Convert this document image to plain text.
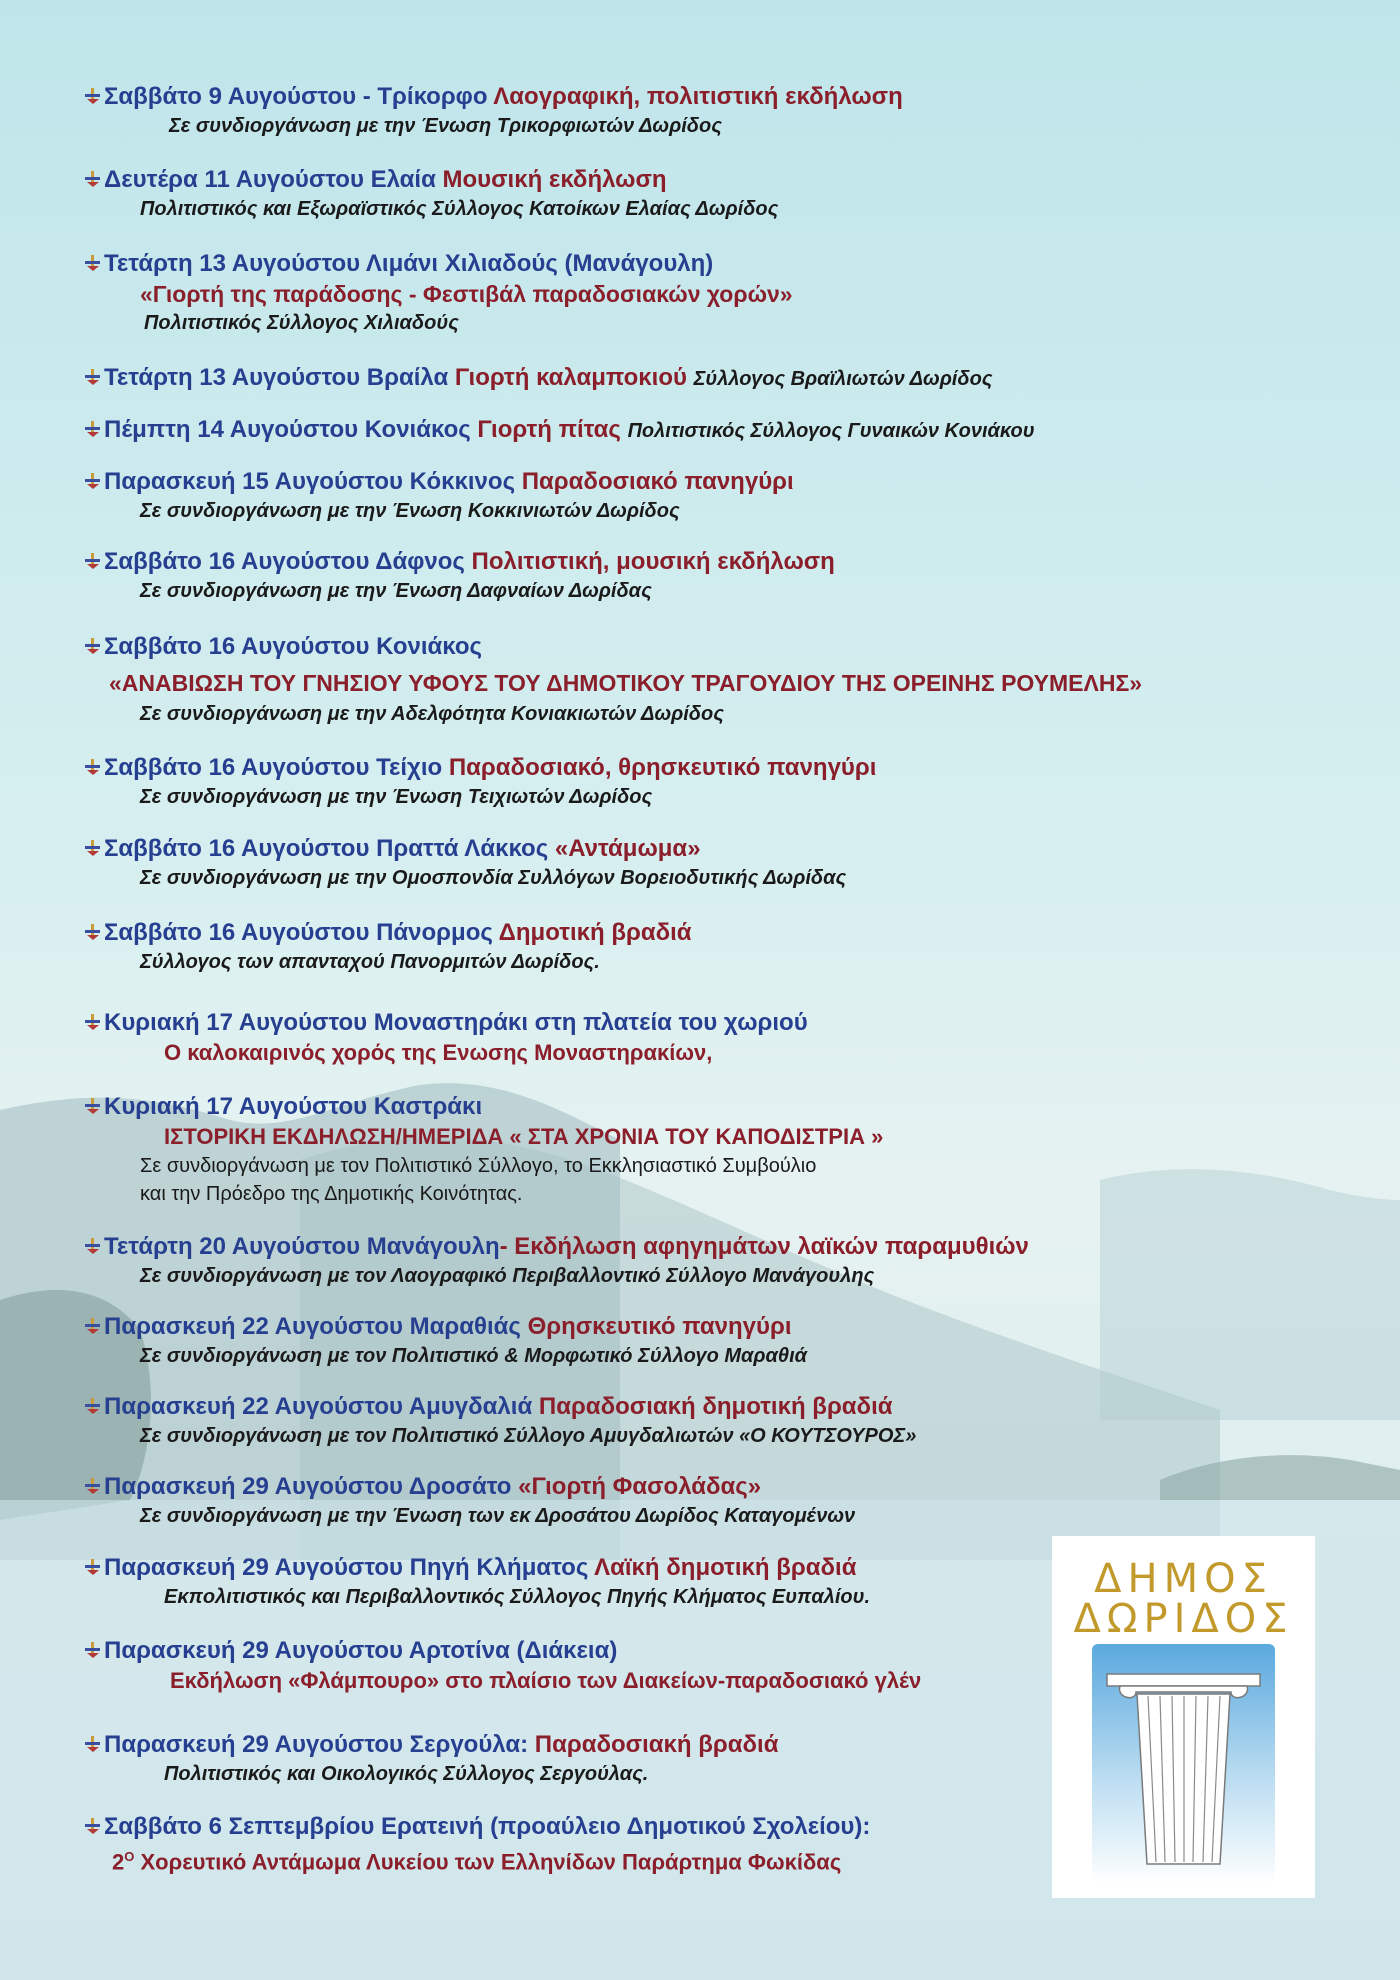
Σαββάτο 9 Αυγούστου - Τρίκορφο Λαογραφική, πολιτιστική εκδήλωση
Σε συνδιοργάνωση με την Ένωση Τρικορφιωτών Δωρίδος
Δευτέρα 11 Αυγούστου Ελαία Μουσική εκδήλωση
Πολιτιστικός και Εξωραϊστικός Σύλλογος Κατοίκων Ελαίας Δωρίδος
Τετάρτη 13 Αυγούστου Λιμάνι Χιλιαδούς (Μανάγουλη)
«Γιορτή της παράδοσης - Φεστιβάλ παραδοσιακών χορών»
Πολιτιστικός Σύλλογος Χιλιαδούς
Τετάρτη 13 Αυγούστου Βραίλα Γιορτή καλαμποκιού Σύλλογος Βραϊλιωτών Δωρίδος
Πέμπτη 14 Αυγούστου Κονιάκος Γιορτή πίτας Πολιτιστικός Σύλλογος Γυναικών Κονιάκου
Παρασκευή 15 Αυγούστου Κόκκινος Παραδοσιακό πανηγύρι
Σε συνδιοργάνωση με την Ένωση Κοκκινιωτών Δωρίδος
Σαββάτο 16 Αυγούστου Δάφνος Πολιτιστική, μουσική εκδήλωση
Σε συνδιοργάνωση με την Ένωση Δαφναίων Δωρίδας
Σαββάτο 16 Αυγούστου Κονιάκος
«ΑΝΑΒΙΩΣΗ ΤΟΥ ΓΝΗΣΙΟΥ ΥΦΟΥΣ ΤΟΥ ΔΗΜΟΤΙΚΟΥ ΤΡΑΓΟΥΔΙΟΥ ΤΗΣ ΟΡΕΙΝΗΣ ΡΟΥΜΕΛΗΣ»
Σε συνδιοργάνωση με την Αδελφότητα Κονιακιωτών Δωρίδος
Σαββάτο 16 Αυγούστου Τείχιο Παραδοσιακό, θρησκευτικό πανηγύρι
Σε συνδιοργάνωση με την Ένωση Τειχιωτών Δωρίδος
Σαββάτο 16 Αυγούστου Πραττά Λάκκος «Αντάμωμα»
Σε συνδιοργάνωση με την Ομοσπονδία Συλλόγων Βορειοδυτικής Δωρίδας
Σαββάτο 16 Αυγούστου Πάνορμος Δημοτική βραδιά
Σύλλογος των απανταχού Πανορμιτών Δωρίδος.
Κυριακή 17 Αυγούστου Μοναστηράκι στη πλατεία του χωριού
Ο καλοκαιρινός χορός της Ενωσης Μοναστηρακίων,
Κυριακή 17 Αυγούστου Καστράκι
ΙΣΤΟΡΙΚΗ ΕΚΔΗΛΩΣΗ/ΗΜΕΡΙΔΑ « ΣΤΑ ΧΡΟΝΙΑ ΤΟΥ ΚΑΠΟΔΙΣΤΡΙΑ »
Σε συνδιοργάνωση με τον Πολιτιστικό Σύλλογο, το Εκκλησιαστικό Συμβούλιο
και την Πρόεδρο της Δημοτικής Κοινότητας.
Τετάρτη 20 Αυγούστου Μανάγουλη- Εκδήλωση αφηγημάτων λαϊκών παραμυθιών
Σε συνδιοργάνωση με τον Λαογραφικό Περιβαλλοντικό Σύλλογο Μανάγουλης
Παρασκευή 22 Αυγούστου Μαραθιάς Θρησκευτικό πανηγύρι
Σε συνδιοργάνωση με τον Πολιτιστικό & Μορφωτικό Σύλλογο Μαραθιά
Παρασκευή 22 Αυγούστου Αμυγδαλιά Παραδοσιακή δημοτική βραδιά
Σε συνδιοργάνωση με τον Πολιτιστικό Σύλλογο Αμυγδαλιωτών «Ο ΚΟΥΤΣΟΥΡΟΣ»
Παρασκευή 29 Αυγούστου Δροσάτο «Γιορτή Φασολάδας»
Σε συνδιοργάνωση με την Ένωση των εκ Δροσάτου Δωρίδος Καταγομένων
Παρασκευή 29 Αυγούστου Πηγή Κλήματος Λαϊκή δημοτική βραδιά
Εκπολιτιστικός και Περιβαλλοντικός Σύλλογος Πηγής Κλήματος Ευπαλίου.
Παρασκευή 29 Αυγούστου Αρτοτίνα (Διάκεια)
Εκδήλωση «Φλάμπουρο» στο πλαίσιο των Διακείων-παραδοσιακό γλέν
Παρασκευή 29 Αυγούστου Σεργούλα: Παραδοσιακή βραδιά
Πολιτιστικός και Οικολογικός Σύλλογος Σεργούλας.
Σαββάτο 6 Σεπτεμβρίου Ερατεινή (προαύλειο Δημοτικού Σχολείου):
$2^O$ Χορευτικό Αντάμωμα Λυκείου των Ελληνίδων Παράρτημα Φωκίδας
ΔΗΜΟΣ
ΔΩΡΙΔΟΣ
